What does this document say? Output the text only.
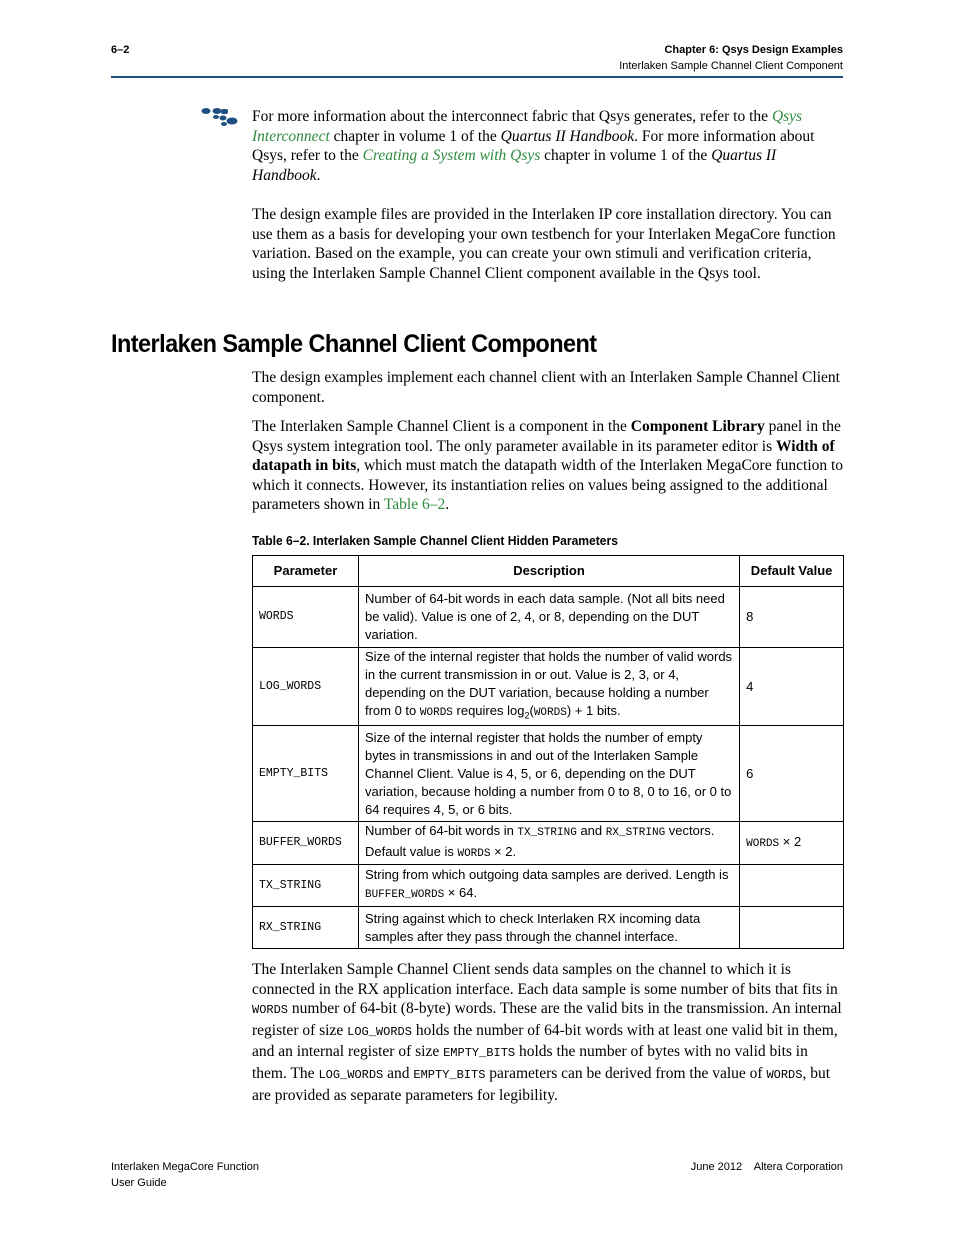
6–2	Chapter 6: Qsys Design Examples
Interlaken Sample Channel Client Component

For more information about the interconnect fabric that Qsys generates, refer to the Qsys Interconnect chapter in volume 1 of the Quartus II Handbook. For more information about Qsys, refer to the Creating a System with Qsys chapter in volume 1 of the Quartus II Handbook.

The design example files are provided in the Interlaken IP core installation directory. You can use them as a basis for developing your own testbench for your Interlaken MegaCore function variation. Based on the example, you can create your own stimuli and verification criteria, using the Interlaken Sample Channel Client component available in the Qsys tool.

Interlaken Sample Channel Client Component

The design examples implement each channel client with an Interlaken Sample Channel Client component.

The Interlaken Sample Channel Client is a component in the Component Library panel in the Qsys system integration tool. The only parameter available in its parameter editor is Width of datapath in bits, which must match the datapath width of the Interlaken MegaCore function to which it connects. However, its instantiation relies on values being assigned to the additional parameters shown in Table 6–2.

Table 6–2. Interlaken Sample Channel Client Hidden Parameters
Parameter	Description	Default Value
WORDS	Number of 64-bit words in each data sample. (Not all bits need be valid). Value is one of 2, 4, or 8, depending on the DUT variation.	8
LOG_WORDS	Size of the internal register that holds the number of valid words in the current transmission in or out. Value is 2, 3, or 4, depending on the DUT variation, because holding a number from 0 to WORDS requires $\log_2(WORDS) + 1$ bits.	4
EMPTY_BITS	Size of the internal register that holds the number of empty bytes in transmissions in and out of the Interlaken Sample Channel Client. Value is 4, 5, or 6, depending on the DUT variation, because holding a number from 0 to 8, 0 to 16, or 0 to 64 requires 4, 5, or 6 bits.	6
BUFFER_WORDS	Number of 64-bit words in TX_STRING and RX_STRING vectors. Default value is WORDS × 2.	WORDS × 2
TX_STRING	String from which outgoing data samples are derived. Length is BUFFER_WORDS × 64.	
RX_STRING	String against which to check Interlaken RX incoming data samples after they pass through the channel interface.	

The Interlaken Sample Channel Client sends data samples on the channel to which it is connected in the RX application interface. Each data sample is some number of bits that fits in WORDS number of 64-bit (8-byte) words. These are the valid bits in the transmission. An internal register of size LOG_WORDS holds the number of 64-bit words with at least one valid bit in them, and an internal register of size EMPTY_BITS holds the number of bytes with no valid bits in them. The LOG_WORDS and EMPTY_BITS parameters can be derived from the value of WORDS, but are provided as separate parameters for legibility.

Interlaken MegaCore Function
User Guide
June 2012    Altera Corporation
